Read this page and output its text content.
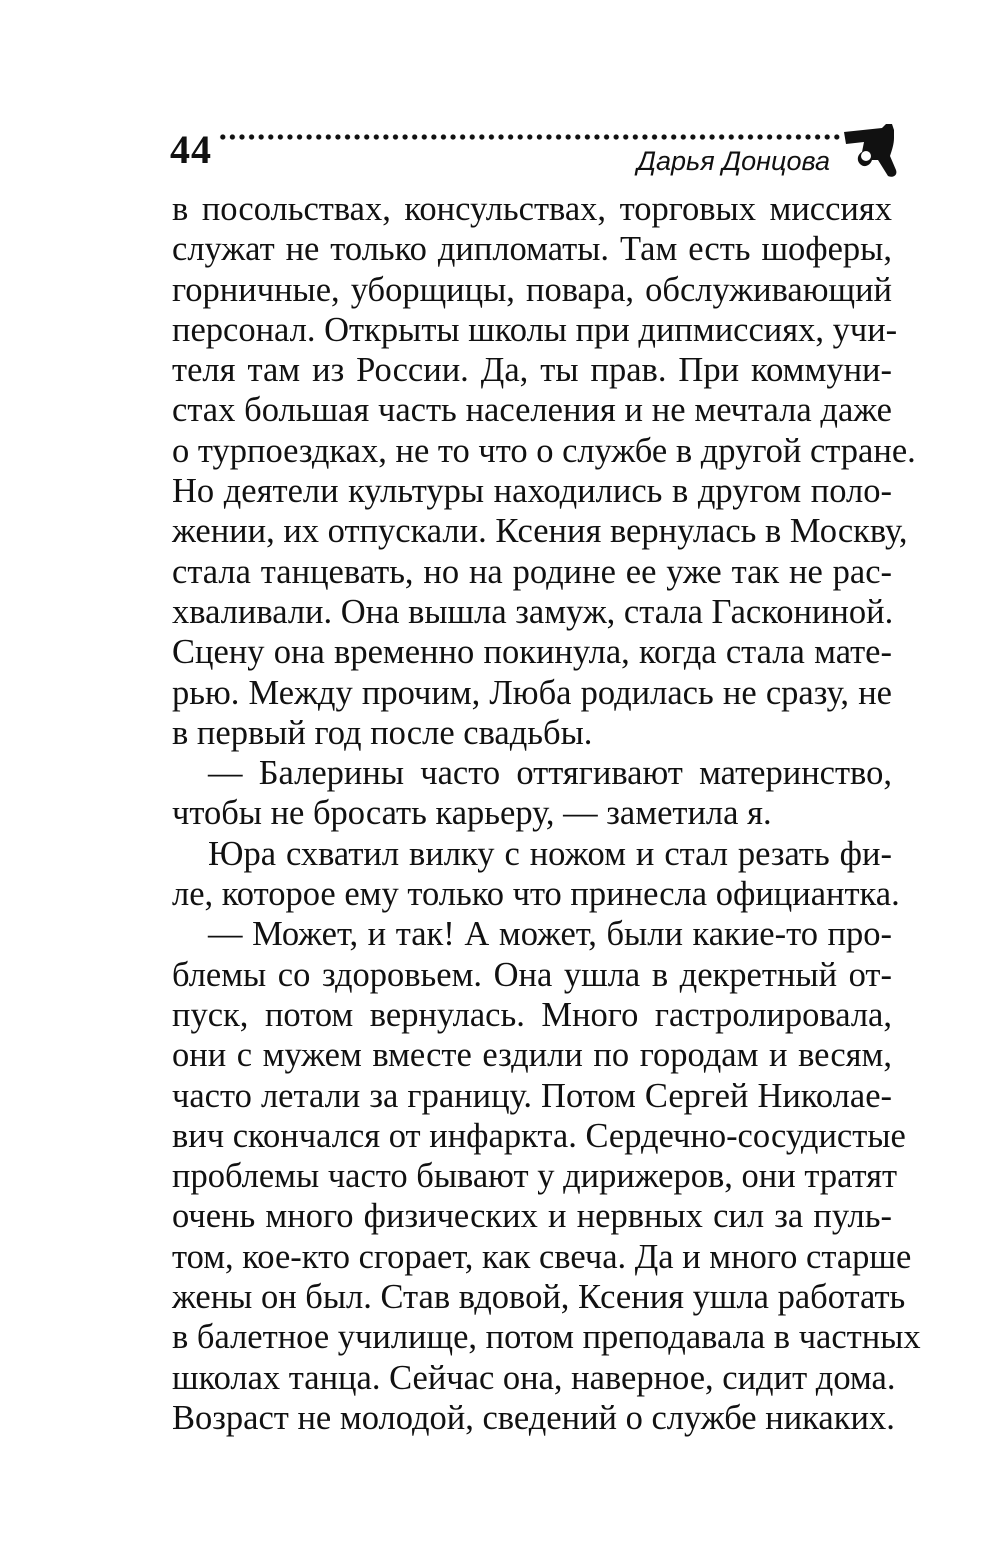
44	Дарья Донцова
в посольствах, консульствах, торговых миссиях
служат не только дипломаты. Там есть шоферы,
горничные, уборщицы, повара, обслуживающий
персонал. Открыты школы при дипмиссиях, учи-
теля там из России. Да, ты прав. При коммуни-
стах большая часть населения и не мечтала даже
о турпоездках, не то что о службе в другой стране.
Но деятели культуры находились в другом поло-
жении, их отпускали. Ксения вернулась в Москву,
стала танцевать, но на родине ее уже так не рас-
хваливали. Она вышла замуж, стала Гаскониной.
Сцену она временно покинула, когда стала мате-
рью. Между прочим, Люба родилась не сразу, не
в первый год после свадьбы.
— Балерины часто оттягивают материнство,
чтобы не бросать карьеру, — заметила я.
Юра схватил вилку с ножом и стал резать фи-
ле, которое ему только что принесла официантка.
— Может, и так! А может, были какие-то про-
блемы со здоровьем. Она ушла в декретный от-
пуск, потом вернулась. Много гастролировала,
они с мужем вместе ездили по городам и весям,
часто летали за границу. Потом Сергей Николае-
вич скончался от инфаркта. Сердечно-сосудистые
проблемы часто бывают у дирижеров, они тратят
очень много физических и нервных сил за пуль-
том, кое-кто сгорает, как свеча. Да и много старше
жены он был. Став вдовой, Ксения ушла работать
в балетное училище, потом преподавала в частных
школах танца. Сейчас она, наверное, сидит дома.
Возраст не молодой, сведений о службе никаких.
